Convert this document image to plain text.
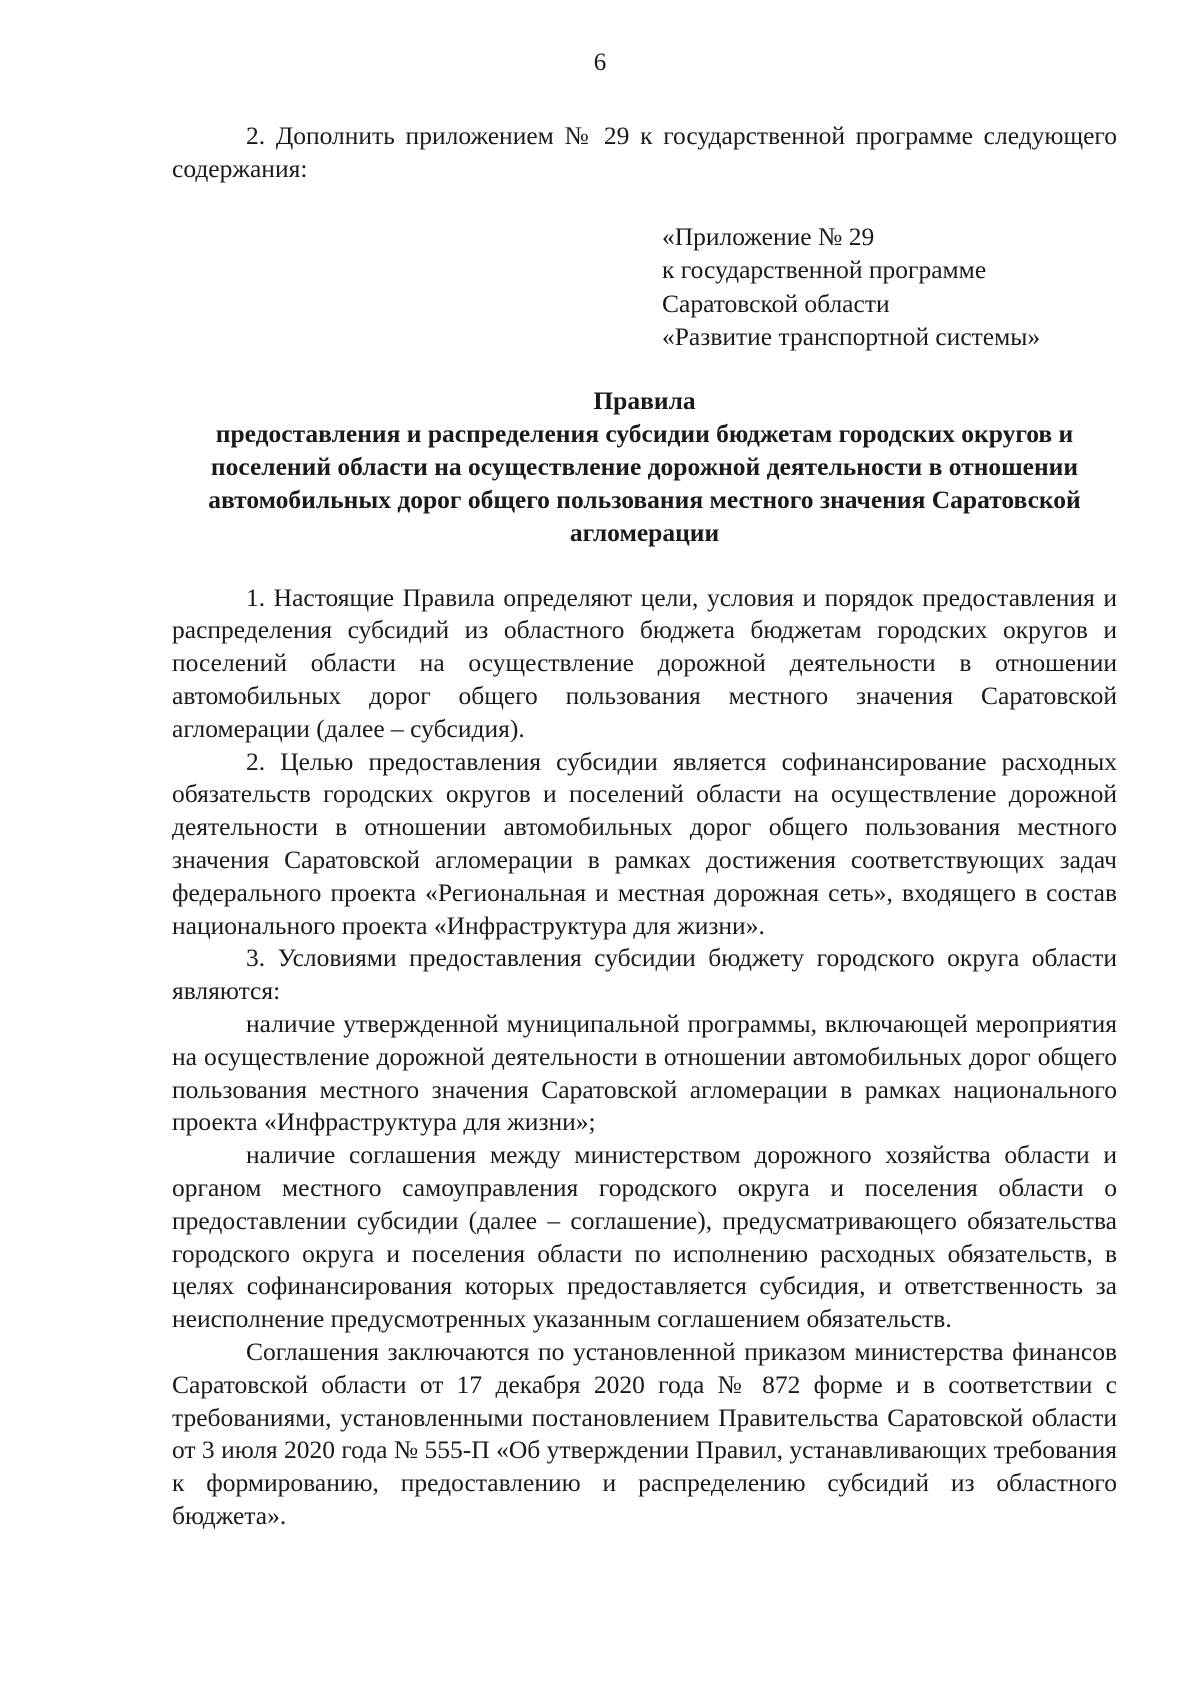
6

2. Дополнить приложением № 29 к государственной программе следующего содержания:

«Приложение № 29
к государственной программе
Саратовской области
«Развитие транспортной системы»
Правила
предоставления и распределения субсидии бюджетам городских округов и поселений области на осуществление дорожной деятельности в отношении автомобильных дорог общего пользования местного значения Саратовской агломерации

1. Настоящие Правила определяют цели, условия и порядок предоставления и распределения субсидий из областного бюджета бюджетам городских округов и поселений области на осуществление дорожной деятельности в отношении автомобильных дорог общего пользования местного значения Саратовской агломерации (далее – субсидия).

2. Целью предоставления субсидии является софинансирование расходных обязательств городских округов и поселений области на осуществление дорожной деятельности в отношении автомобильных дорог общего пользования местного значения Саратовской агломерации в рамках достижения соответствующих задач федерального проекта «Региональная и местная дорожная сеть», входящего в состав национального проекта «Инфраструктура для жизни».

3. Условиями предоставления субсидии бюджету городского округа области являются:

наличие утвержденной муниципальной программы, включающей мероприятия на осуществление дорожной деятельности в отношении автомобильных дорог общего пользования местного значения Саратовской агломерации в рамках национального проекта «Инфраструктура для жизни»;

наличие соглашения между министерством дорожного хозяйства области и органом местного самоуправления городского округа и поселения области о предоставлении субсидии (далее – соглашение), предусматривающего обязательства городского округа и поселения области по исполнению расходных обязательств, в целях софинансирования которых предоставляется субсидия, и ответственность за неисполнение предусмотренных указанным соглашением обязательств.

Соглашения заключаются по установленной приказом министерства финансов Саратовской области от 17 декабря 2020 года № 872 форме и в соответствии с требованиями, установленными постановлением Правительства Саратовской области от 3 июля 2020 года № 555-П «Об утверждении Правил, устанавливающих требования к формированию, предоставлению и распределению субсидий из областного бюджета».
